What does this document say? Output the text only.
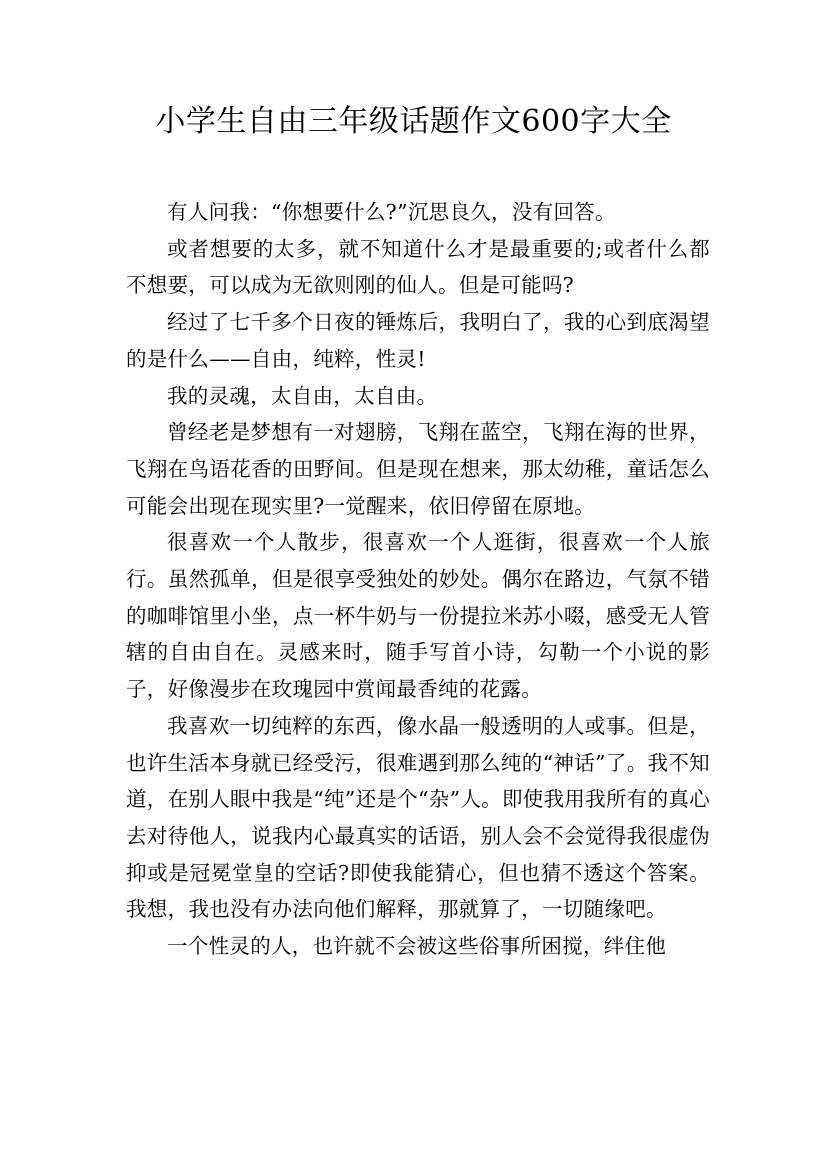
小学生自由三年级话题作文600字大全

有人问我：“你想要什么?”沉思良久，没有回答。

或者想要的太多，就不知道什么才是最重要的;或者什么都不想要，可以成为无欲则刚的仙人。但是可能吗?

经过了七千多个日夜的锤炼后，我明白了，我的心到底渴望的是什么——自由，纯粹，性灵!

我的灵魂，太自由，太自由。

曾经老是梦想有一对翅膀，飞翔在蓝空，飞翔在海的世界，飞翔在鸟语花香的田野间。但是现在想来，那太幼稚，童话怎么可能会出现在现实里?一觉醒来，依旧停留在原地。

很喜欢一个人散步，很喜欢一个人逛街，很喜欢一个人旅行。虽然孤单，但是很享受独处的妙处。偶尔在路边，气氛不错的咖啡馆里小坐，点一杯牛奶与一份提拉米苏小啜，感受无人管辖的自由自在。灵感来时，随手写首小诗，勾勒一个小说的影子，好像漫步在玫瑰园中赏闻最香纯的花露。

我喜欢一切纯粹的东西，像水晶一般透明的人或事。但是，也许生活本身就已经受污，很难遇到那么纯的“神话”了。我不知道，在别人眼中我是“纯”还是个“杂”人。即使我用我所有的真心去对待他人，说我内心最真实的话语，别人会不会觉得我很虚伪抑或是冠冕堂皇的空话?即使我能猜心，但也猜不透这个答案。我想，我也没有办法向他们解释，那就算了，一切随缘吧。

一个性灵的人，也许就不会被这些俗事所困搅，绊住他
